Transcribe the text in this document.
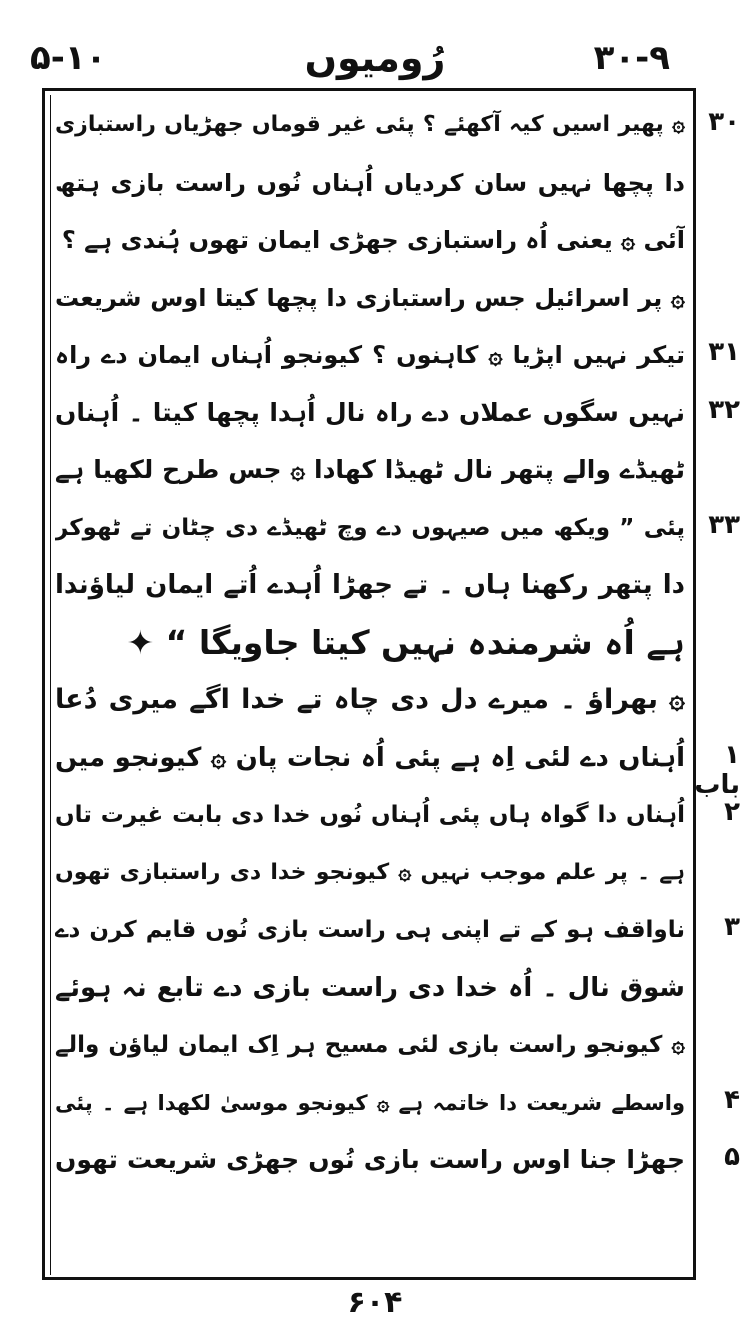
۵-۱۰	رُومیوں	۳۰-۹
۳۰
۳۱
۳۲
۳۳
۱ باب
۲
۳
۴
۵
۞ پھیر اسیں کیہ آکھئے ؟ پئی غیر قوماں جھڑیاں راستبازی
دا پچھا نہیں سان کردیاں اُہناں نُوں راست بازی ہتھ
آئی ۞ یعنی اُہ راستبازی جھڑی ایمان تھوں ہُندی ہے ؟
۞ پر اسرائیل جس راستبازی دا پچھا کیتا اوس شریعت
تیکر نہیں اپڑیا ۞ کاہنوں ؟ کیونجو اُہناں ایمان دے راہ
نہیں سگوں عملاں دے راہ نال اُہدا پچھا کیتا ۔ اُہناں
ٹھیڈے والے پتھر نال ٹھیڈا کھادا ۞ جس طرح لکھیا ہے
پئی ” ویکھ میں صیہوں دے وچ ٹھیڈے دی چٹان تے ٹھوکر
دا پتھر رکھنا ہاں ۔ تے جھڑا اُہدے اُتے ایمان لیاؤندا
ہے اُہ شرمندہ نہیں کیتا جاویگا “ ✦
۞ بھراؤ ۔ میرے دل دی چاہ تے خدا اگے میری دُعا
اُہناں دے لئی اِہ ہے پئی اُہ نجات پان ۞ کیونجو میں
اُہناں دا گواہ ہاں پئی اُہناں نُوں خدا دی بابت غیرت تاں
ہے ۔ پر علم موجب نہیں ۞ کیونجو خدا دی راستبازی تھوں
ناواقف ہو کے تے اپنی ہی راست بازی نُوں قایم کرن دے
شوق نال ۔ اُہ خدا دی راست بازی دے تابع نہ ہوئے
۞ کیونجو راست بازی لئی مسیح ہر اِک ایمان لیاؤن والے
واسطے شریعت دا خاتمہ ہے ۞ کیونجو موسیٰ لکھدا ہے ۔ پئی
جھڑا جنا اوس راست بازی نُوں جھڑی شریعت تھوں
۶۰۴
